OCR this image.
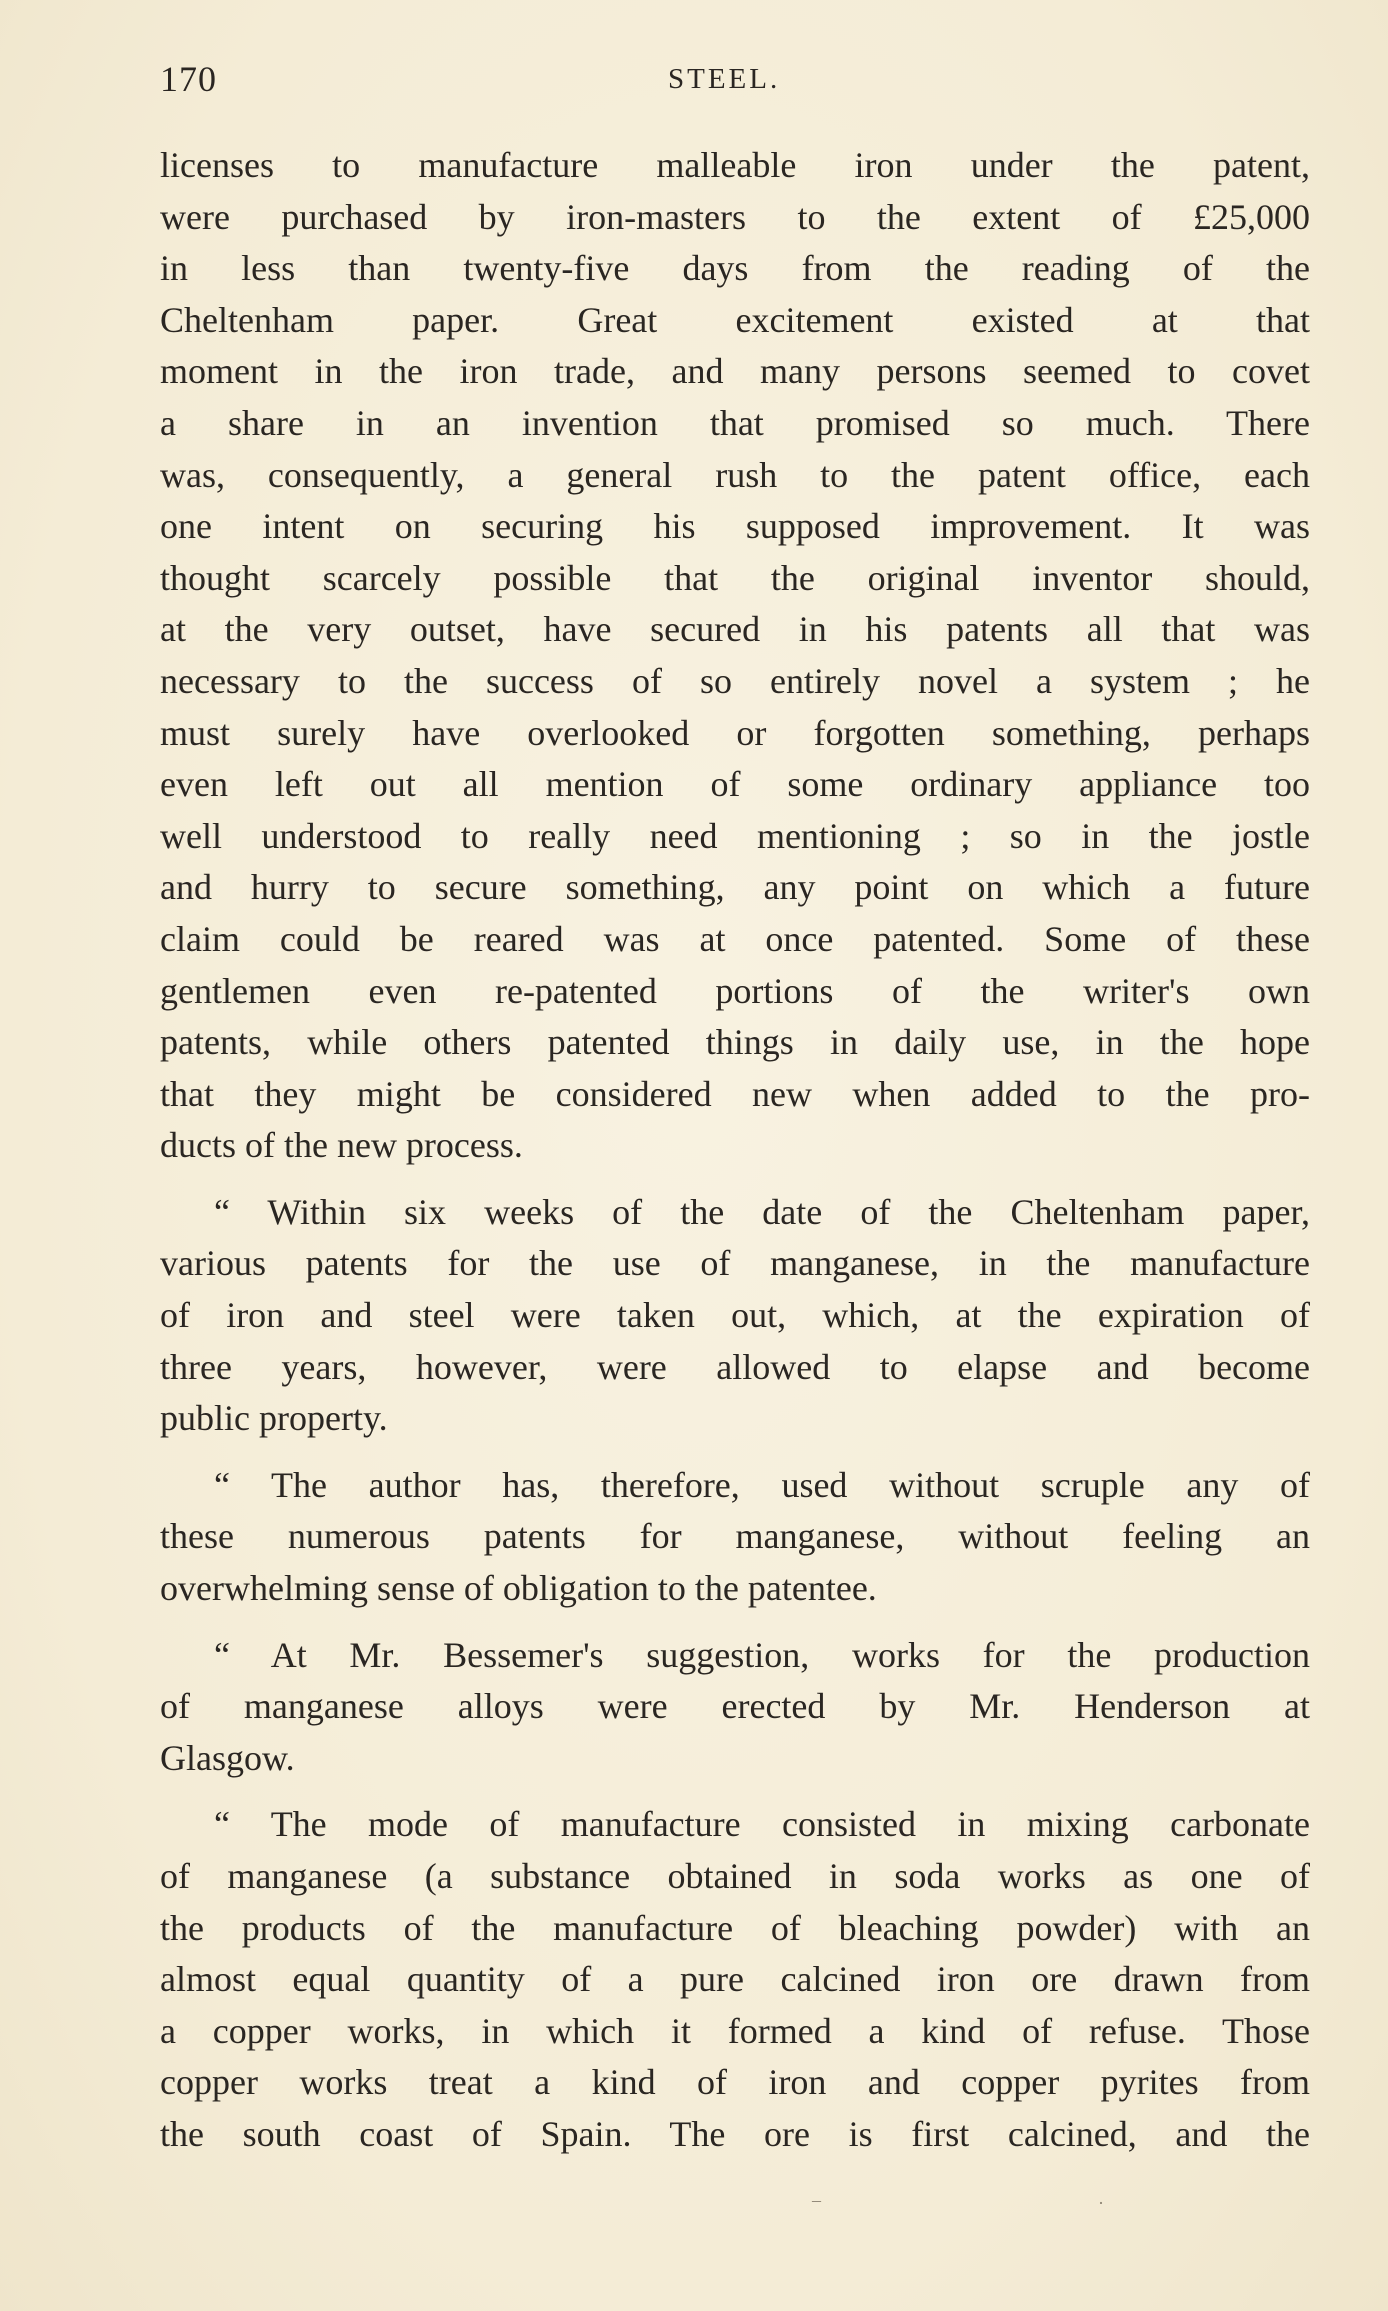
170	STEEL.
licenses to manufacture malleable iron under the patent,
were purchased by iron-masters to the extent of £25,000
in less than twenty-five days from the reading of the
Cheltenham paper. Great excitement existed at that
moment in the iron trade, and many persons seemed to covet
a share in an invention that promised so much. There
was, consequently, a general rush to the patent office, each
one intent on securing his supposed improvement. It was
thought scarcely possible that the original inventor should,
at the very outset, have secured in his patents all that was
necessary to the success of so entirely novel a system ; he
must surely have overlooked or forgotten something, perhaps
even left out all mention of some ordinary appliance too
well understood to really need mentioning ; so in the jostle
and hurry to secure something, any point on which a future
claim could be reared was at once patented. Some of these
gentlemen even re-patented portions of the writer's own
patents, while others patented things in daily use, in the hope
that they might be considered new when added to the pro-
ducts of the new process.
“ Within six weeks of the date of the Cheltenham paper,
various patents for the use of manganese, in the manufacture
of iron and steel were taken out, which, at the expiration of
three years, however, were allowed to elapse and become
public property.
“ The author has, therefore, used without scruple any of
these numerous patents for manganese, without feeling an
overwhelming sense of obligation to the patentee.
“ At Mr. Bessemer's suggestion, works for the production
of manganese alloys were erected by Mr. Henderson at
Glasgow.
“ The mode of manufacture consisted in mixing carbonate
of manganese (a substance obtained in soda works as one of
the products of the manufacture of bleaching powder) with an
almost equal quantity of a pure calcined iron ore drawn from
a copper works, in which it formed a kind of refuse. Those
copper works treat a kind of iron and copper pyrites from
the south coast of Spain. The ore is first calcined, and the
–	·
